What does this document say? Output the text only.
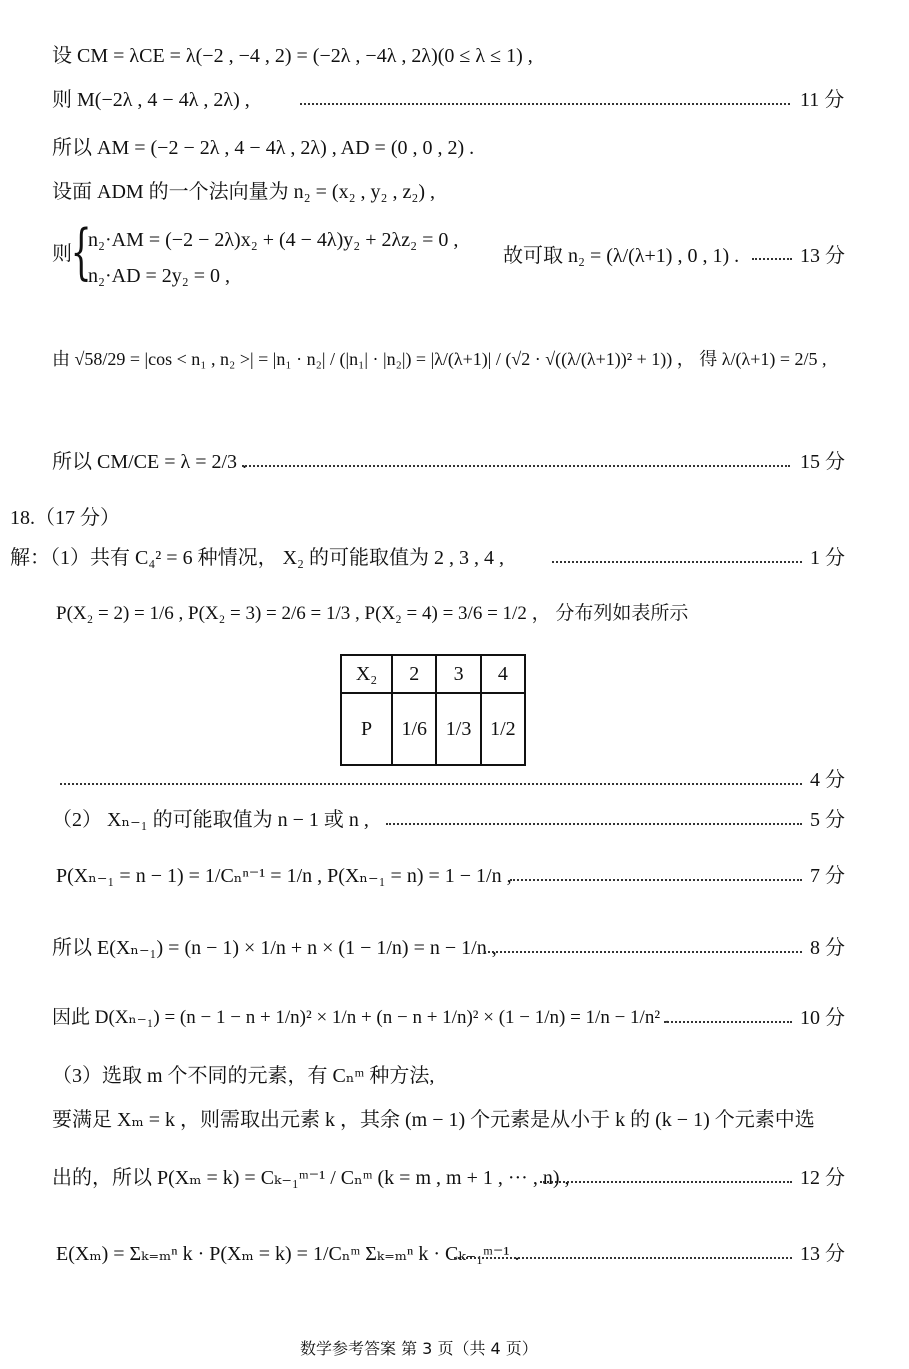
设 CM = λCE = λ(−2 , −4 , 2) = (−2λ , −4λ , 2λ)(0 ≤ λ ≤ 1) ,
则 M(−2λ , 4 − 4λ , 2λ) ,	11 分
所以 AM = (−2 − 2λ , 4 − 4λ , 2λ) , AD = (0 , 0 , 2) .
设面 ADM 的一个法向量为 n₂ = (x₂ , y₂ , z₂) ,
则
{
n₂·AM = (−2 − 2λ)x₂ + (4 − 4λ)y₂ + 2λz₂ = 0 ,
n₂·AD = 2y₂ = 0 ,
故可取 n₂ = (λ/(λ+1) , 0 , 1) .	13 分
由 √58/29 = |cos < n₁ , n₂ >| = |n₁ · n₂| / (|n₁| · |n₂|) = |λ/(λ+1)| / (√2 · √((λ/(λ+1))² + 1)) ， 得 λ/(λ+1) = 2/5 ,
所以 CM/CE = λ = 2/3 .	15 分
18.（17 分）
解：（1）共有 C₄² = 6 种情况， X₂ 的可能取值为 2 , 3 , 4 ,	1 分
P(X₂ = 2) = 1/6 , P(X₂ = 3) = 2/6 = 1/3 , P(X₂ = 4) = 3/6 = 1/2 ， 分布列如表所示
X₂	2	3	4
P	1/6	1/3	1/2
4 分
（2） Xₙ₋₁ 的可能取值为 n − 1 或 n ,	5 分
P(Xₙ₋₁ = n − 1) = 1/Cₙⁿ⁻¹ = 1/n , P(Xₙ₋₁ = n) = 1 − 1/n ,	7 分
所以 E(Xₙ₋₁) = (n − 1) × 1/n + n × (1 − 1/n) = n − 1/n ,	8 分
因此 D(Xₙ₋₁) = (n − 1 − n + 1/n)² × 1/n + (n − n + 1/n)² × (1 − 1/n) = 1/n − 1/n² .	10 分
（3）选取 m 个不同的元素，有 Cₙᵐ 种方法,
要满足 Xₘ = k ，则需取出元素 k ，其余 (m − 1) 个元素是从小于 k 的 (k − 1) 个元素中选
出的，所以 P(Xₘ = k) = Cₖ₋₁ᵐ⁻¹ / Cₙᵐ (k = m , m + 1 , ··· , n) ,	12 分
E(Xₘ) = Σₖ₌ₘⁿ k · P(Xₘ = k) = 1/Cₙᵐ Σₖ₌ₘⁿ k · Cₖ₋₁ᵐ⁻¹ .	13 分
数学参考答案 第 3 页（共 4 页）
